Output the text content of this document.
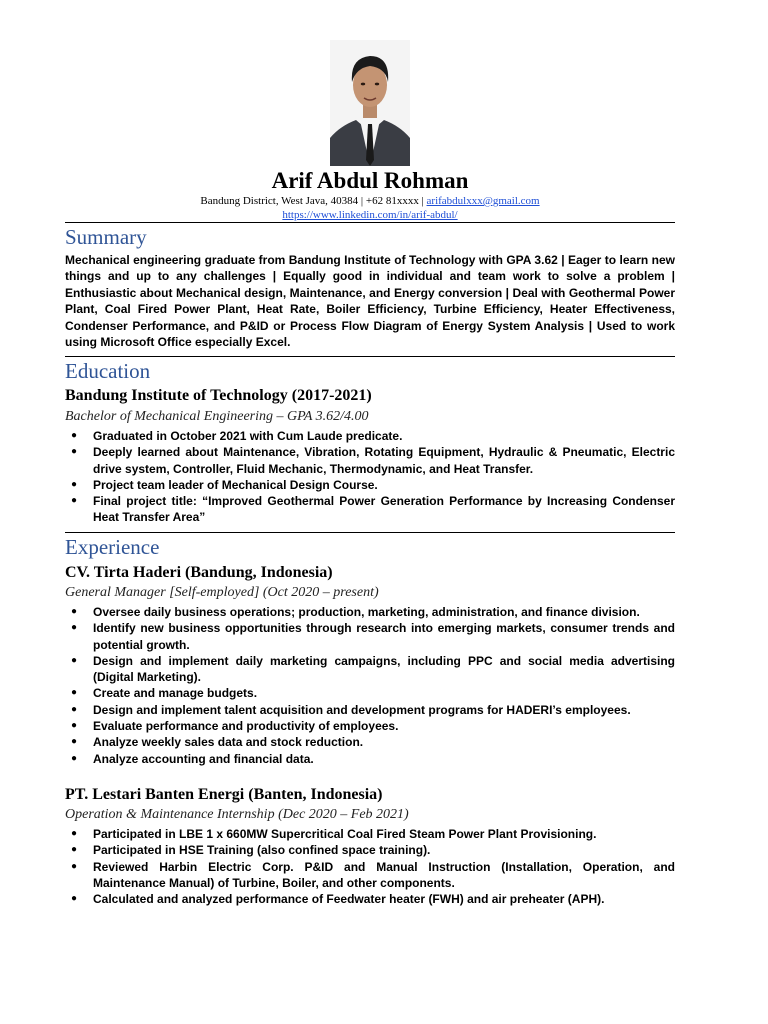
Arif Abdul Rohman
Bandung District, West Java, 40384 | +62 81xxxx | arifabdulxxx@gmail.com
https://www.linkedin.com/in/arif-abdul/
Summary
Mechanical engineering graduate from Bandung Institute of Technology with GPA 3.62 | Eager to learn new things and up to any challenges | Equally good in individual and team work to solve a problem | Enthusiastic about Mechanical design, Maintenance, and Energy conversion | Deal with Geothermal Power Plant, Coal Fired Power Plant, Heat Rate, Boiler Efficiency, Turbine Efficiency, Heater Effectiveness, Condenser Performance, and P&ID or Process Flow Diagram of Energy System Analysis | Used to work using Microsoft Office especially Excel.
Education
Bandung Institute of Technology (2017-2021)
Bachelor of Mechanical Engineering – GPA 3.62/4.00
● Graduated in October 2021 with Cum Laude predicate.
● Deeply learned about Maintenance, Vibration, Rotating Equipment, Hydraulic & Pneumatic, Electric drive system, Controller, Fluid Mechanic, Thermodynamic, and Heat Transfer.
● Project team leader of Mechanical Design Course.
● Final project title: “Improved Geothermal Power Generation Performance by Increasing Condenser Heat Transfer Area”
Experience
CV. Tirta Haderi (Bandung, Indonesia)
General Manager [Self-employed] (Oct 2020 – present)
● Oversee daily business operations; production, marketing, administration, and finance division.
● Identify new business opportunities through research into emerging markets, consumer trends and potential growth.
● Design and implement daily marketing campaigns, including PPC and social media advertising (Digital Marketing).
● Create and manage budgets.
● Design and implement talent acquisition and development programs for HADERI’s employees.
● Evaluate performance and productivity of employees.
● Analyze weekly sales data and stock reduction.
● Analyze accounting and financial data.
PT. Lestari Banten Energi (Banten, Indonesia)
Operation & Maintenance Internship (Dec 2020 – Feb 2021)
● Participated in LBE 1 x 660MW Supercritical Coal Fired Steam Power Plant Provisioning.
● Participated in HSE Training (also confined space training).
● Reviewed Harbin Electric Corp. P&ID and Manual Instruction (Installation, Operation, and Maintenance Manual) of Turbine, Boiler, and other components.
● Calculated and analyzed performance of Feedwater heater (FWH) and air preheater (APH).
